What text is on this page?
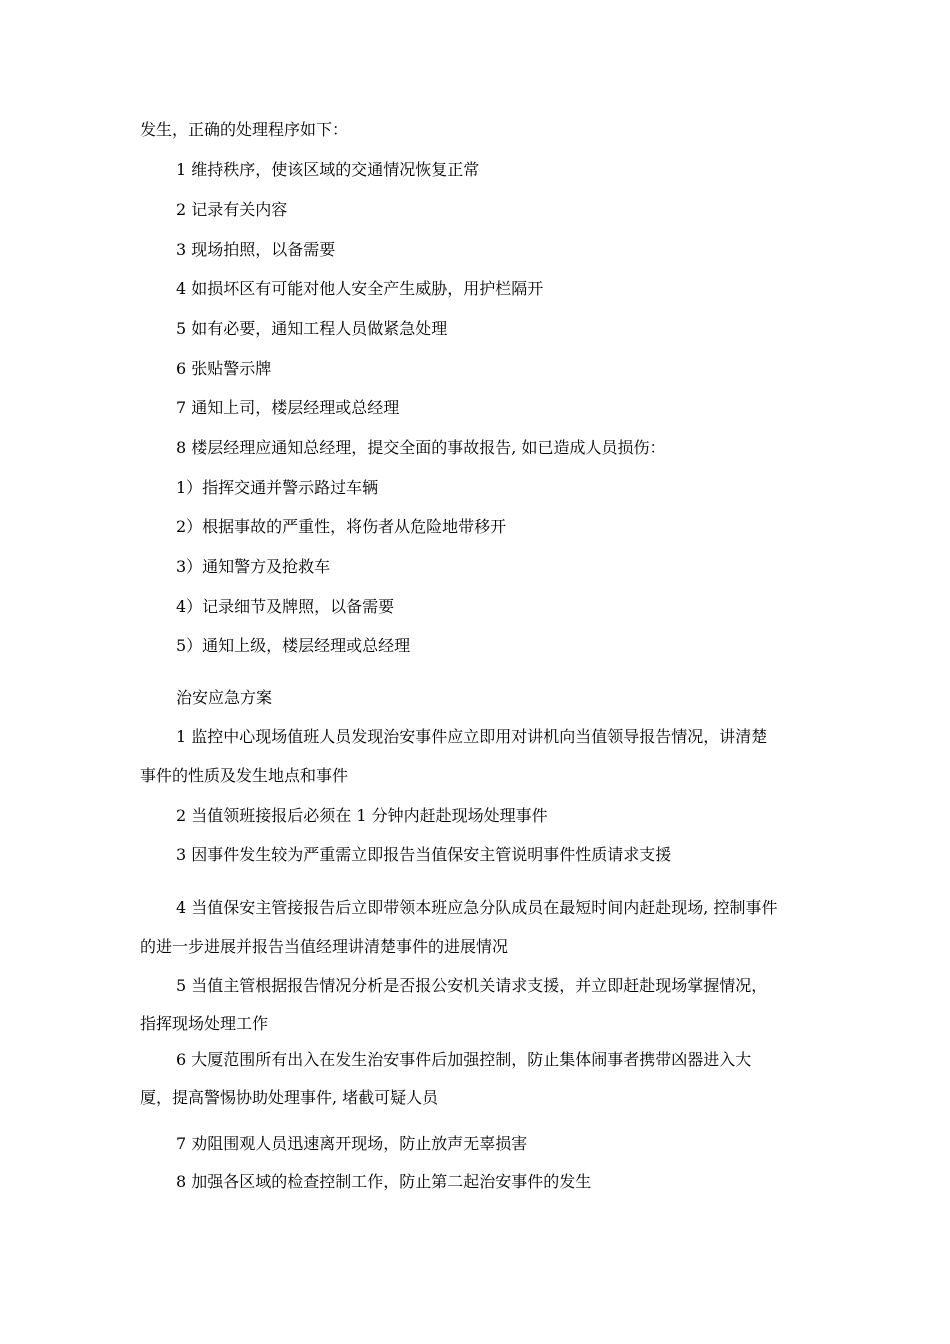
发生，正确的处理程序如下：
1 维持秩序，使该区域的交通情况恢复正常
2 记录有关内容
3 现场拍照，以备需要
4 如损坏区有可能对他人安全产生威胁，用护栏隔开
5 如有必要，通知工程人员做紧急处理
6 张贴警示牌
7 通知上司，楼层经理或总经理
8 楼层经理应通知总经理，提交全面的事故报告, 如已造成人员损伤：
1）指挥交通并警示路过车辆
2）根据事故的严重性，将伤者从危险地带移开
3）通知警方及抢救车
4）记录细节及牌照，以备需要
5）通知上级，楼层经理或总经理
治安应急方案
1 监控中心现场值班人员发现治安事件应立即用对讲机向当值领导报告情况，讲清楚
事件的性质及发生地点和事件
2 当值领班接报后必须在 1 分钟内赶赴现场处理事件
3 因事件发生较为严重需立即报告当值保安主管说明事件性质请求支援
4 当值保安主管接报告后立即带领本班应急分队成员在最短时间内赶赴现场, 控制事件
的进一步进展并报告当值经理讲清楚事件的进展情况
5 当值主管根据报告情况分析是否报公安机关请求支援，并立即赶赴现场掌握情况，
指挥现场处理工作
6 大厦范围所有出入在发生治安事件后加强控制，防止集体闹事者携带凶器进入大
厦，提高警惕协助处理事件, 堵截可疑人员
7 劝阻围观人员迅速离开现场，防止放声无辜损害
8 加强各区域的检查控制工作，防止第二起治安事件的发生
